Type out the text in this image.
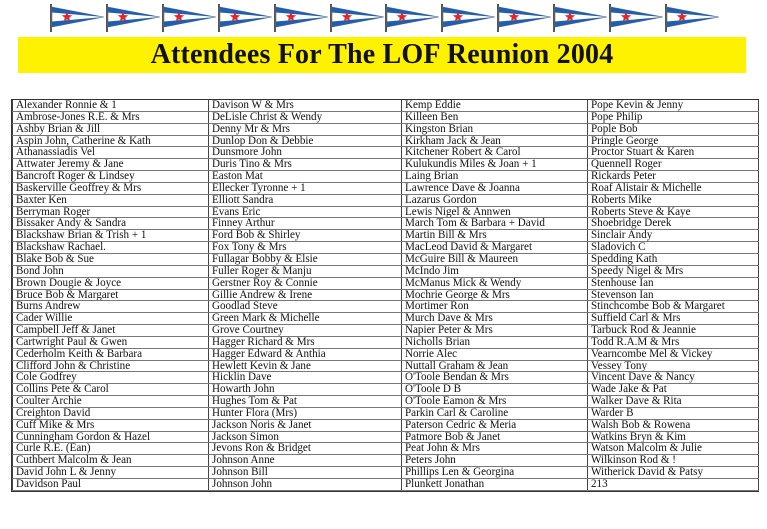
Attendees For The LOF Reunion 2004
Alexander Ronnie & 1	Davison W & Mrs	Kemp Eddie	Pope Kevin & Jenny
Ambrose-Jones R.E. & Mrs	DeLisle Christ & Wendy	Killeen Ben	Pope Philip
Ashby Brian & Jill	Denny Mr & Mrs	Kingston Brian	Pople Bob
Aspin John, Catherine & Kath	Dunlop Don & Debbie	Kirkham Jack & Jean	Pringle George
Athanassiadis Vel	Dunsmore John	Kitchener Robert & Carol	Proctor Stuart & Karen
Attwater Jeremy & Jane	Duris Tino & Mrs	Kulukundis Miles & Joan + 1	Quennell Roger
Bancroft Roger & Lindsey	Easton Mat	Laing Brian	Rickards Peter
Baskerville Geoffrey & Mrs	Ellecker Tyronne + 1	Lawrence Dave & Joanna	Roaf Alistair & Michelle
Baxter Ken	Elliott Sandra	Lazarus Gordon	Roberts Mike
Berryman Roger	Evans Eric	Lewis Nigel & Annwen	Roberts Steve & Kaye
Bissaker Andy & Sandra	Finney Arthur	March Tom & Barbara + David	Shoebridge Derek
Blackshaw Brian & Trish + 1	Ford Bob & Shirley	Martin Bill & Mrs	Sinclair Andy
Blackshaw Rachael.	Fox Tony & Mrs	MacLeod David & Margaret	Sladovich C
Blake Bob & Sue	Fullagar Bobby & Elsie	McGuire Bill & Maureen	Spedding Kath
Bond John	Fuller Roger & Manju	McIndo Jim	Speedy Nigel & Mrs
Brown Dougie & Joyce	Gerstner Roy & Connie	McManus Mick & Wendy	Stenhouse Ian
Bruce Bob & Margaret	Gillie Andrew & Irene	Mochrie George & Mrs	Stevenson Ian
Burns Andrew	Goodlad Steve	Mortimer Ron	Stinchcombe Bob & Margaret
Cader Willie	Green Mark & Michelle	Murch Dave & Mrs	Suffield Carl & Mrs
Campbell Jeff & Janet	Grove Courtney	Napier Peter & Mrs	Tarbuck Rod & Jeannie
Cartwright Paul & Gwen	Hagger Richard & Mrs	Nicholls Brian	Todd R.A.M & Mrs
Cederholm Keith & Barbara	Hagger Edward & Anthia	Norrie Alec	Vearncombe Mel & Vickey
Clifford John & Christine	Hewlett Kevin & Jane	Nuttall Graham & Jean	Vessey Tony
Cole Godfrey	Hicklin Dave	O'Toole Bendan & Mrs	Vincent Dave & Nancy
Collins Pete & Carol	Howarth John	O'Toole D B	Wade Jake & Pat
Coulter Archie	Hughes Tom & Pat	O'Toole Eamon & Mrs	Walker Dave & Rita
Creighton David	Hunter Flora (Mrs)	Parkin Carl & Caroline	Warder B
Cuff Mike & Mrs	Jackson Noris & Janet	Paterson Cedric & Meria	Walsh Bob & Rowena
Cunningham Gordon & Hazel	Jackson Simon	Patmore Bob & Janet	Watkins Bryn & Kim
Curle R.E. (Ean)	Jevons Ron & Bridget	Peat John & Mrs	Watson Malcolm & Julie
Cuthbert Malcolm & Jean	Johnson Anne	Peters John	Wilkinson Rod & !
David John L & Jenny	Johnson Bill	Phillips Len & Georgina	Witherick David & Patsy
Davidson Paul	Johnson John	Plunkett Jonathan	213
